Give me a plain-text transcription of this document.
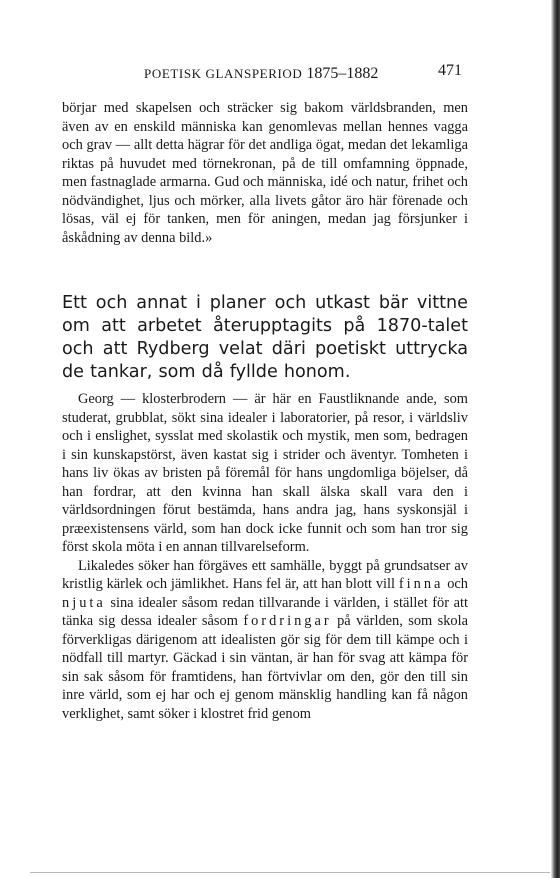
POETISK GLANSPERIOD 1875–1882	471

börjar med skapelsen och sträcker sig bakom världsbranden, men även av en enskild människa kan genomlevas mellan hennes vagga och grav — allt detta hägrar för det andliga ögat, medan det lekamliga riktas på huvudet med törnekronan, på de till omfamning öppnade, men fastnaglade armarna. Gud och människa, idé och natur, frihet och nödvändighet, ljus och mörker, alla livets gåtor äro här förenade och lösas, väl ej för tanken, men för aningen, medan jag försjunker i åskådning av denna bild.»

Ett och annat i planer och utkast bär vittne om att arbetet återupptagits på 1870-talet och att Rydberg velat däri poetiskt uttrycka de tankar, som då fyllde honom.

Georg — klosterbrodern — är här en Faustliknande ande, som studerat, grubblat, sökt sina idealer i laboratorier, på resor, i världsliv och i enslighet, sysslat med skolastik och mystik, men som, bedragen i sin kunskapstörst, även kastat sig i strider och äventyr. Tomheten i hans liv ökas av bristen på föremål för hans ungdomliga böjelser, då han fordrar, att den kvinna han skall älska skall vara den i världsordningen förut bestämda, hans andra jag, hans syskonsjäl i præexistensens värld, som han dock icke funnit och som han tror sig först skola möta i en annan tillvarelseform.
Likaledes söker han förgäves ett samhälle, byggt på grundsatser av kristlig kärlek och jämlikhet. Hans fel är, att han blott vill finna och njuta sina idealer såsom redan tillvarande i världen, i stället för att tänka sig dessa idealer såsom fordringar på världen, som skola förverkligas därigenom att idealisten gör sig för dem till kämpe och i nödfall till martyr. Gäckad i sin väntan, är han för svag att kämpa för sin sak såsom för framtidens, han förtvivlar om den, gör den till sin inre värld, som ej har och ej genom mänsklig handling kan få någon verklighet, samt söker i klostret frid genom
